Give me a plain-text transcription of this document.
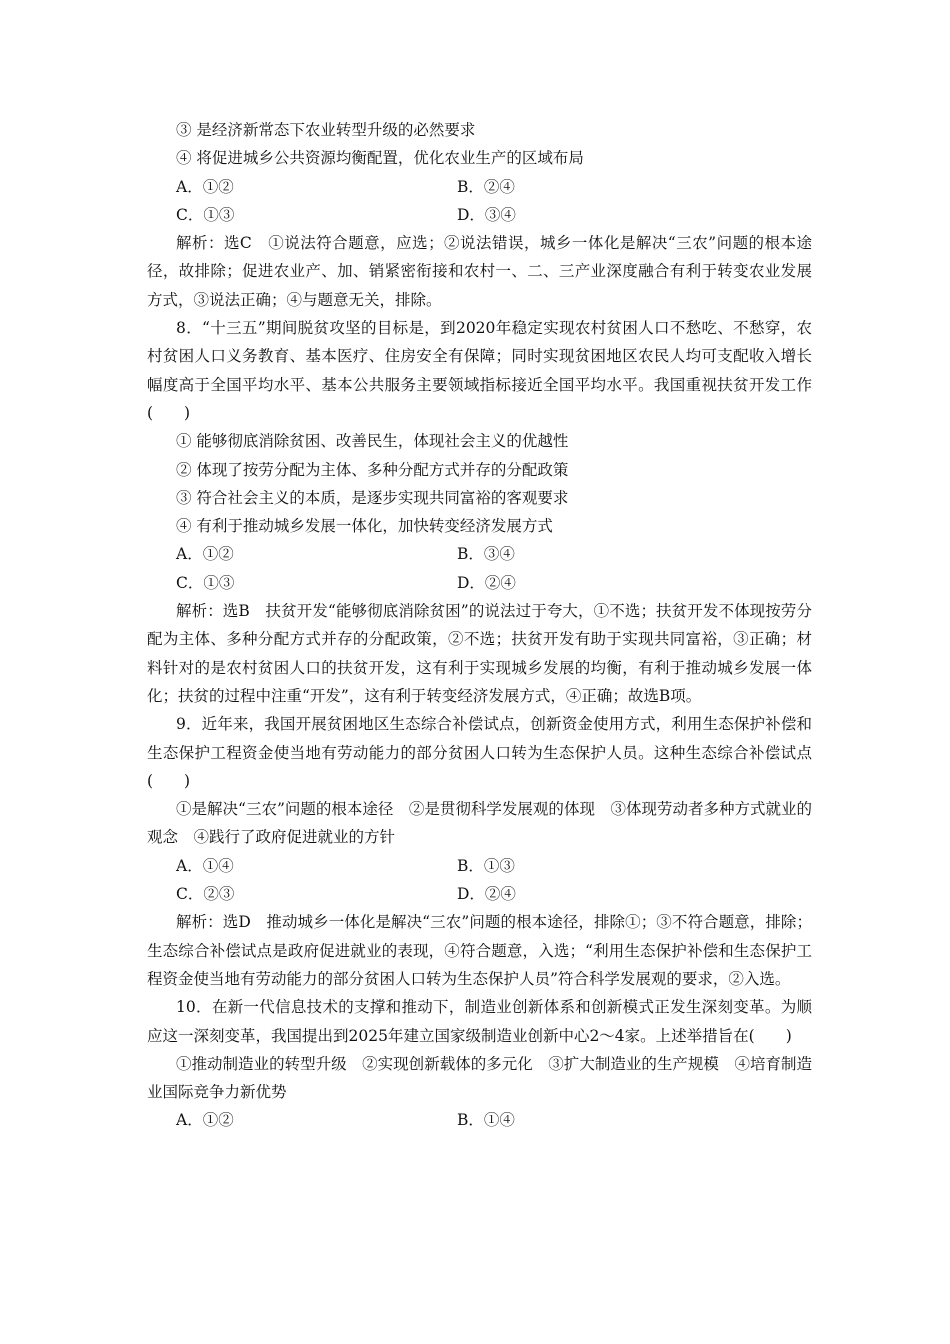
③ 是经济新常态下农业转型升级的必然要求
④ 将促进城乡公共资源均衡配置，优化农业生产的区域布局
A．①②	B．②④
C．①③	D．③④
解析：选C　①说法符合题意，应选；②说法错误，城乡一体化是解决“三农”问题的根本途径，故排除；促进农业产、加、销紧密衔接和农村一、二、三产业深度融合有利于转变农业发展方式，③说法正确；④与题意无关，排除。
8．“十三五”期间脱贫攻坚的目标是，到2020年稳定实现农村贫困人口不愁吃、不愁穿，农村贫困人口义务教育、基本医疗、住房安全有保障；同时实现贫困地区农民人均可支配收入增长幅度高于全国平均水平、基本公共服务主要领域指标接近全国平均水平。我国重视扶贫开发工作(　　)
① 能够彻底消除贫困、改善民生，体现社会主义的优越性
② 体现了按劳分配为主体、多种分配方式并存的分配政策
③ 符合社会主义的本质，是逐步实现共同富裕的客观要求
④ 有利于推动城乡发展一体化，加快转变经济发展方式
A．①②	B．③④
C．①③	D．②④
解析：选B　扶贫开发“能够彻底消除贫困”的说法过于夸大，①不选；扶贫开发不体现按劳分配为主体、多种分配方式并存的分配政策，②不选；扶贫开发有助于实现共同富裕，③正确；材料针对的是农村贫困人口的扶贫开发，这有利于实现城乡发展的均衡，有利于推动城乡发展一体化；扶贫的过程中注重“开发”，这有利于转变经济发展方式，④正确；故选B项。
9．近年来，我国开展贫困地区生态综合补偿试点，创新资金使用方式，利用生态保护补偿和生态保护工程资金使当地有劳动能力的部分贫困人口转为生态保护人员。这种生态综合补偿试点(　　)
①是解决“三农”问题的根本途径　②是贯彻科学发展观的体现　③体现劳动者多种方式就业的观念　④践行了政府促进就业的方针
A．①④	B．①③
C．②③	D．②④
解析：选D　推动城乡一体化是解决“三农”问题的根本途径，排除①；③不符合题意，排除；生态综合补偿试点是政府促进就业的表现，④符合题意，入选；“利用生态保护补偿和生态保护工程资金使当地有劳动能力的部分贫困人口转为生态保护人员”符合科学发展观的要求，②入选。
10．在新一代信息技术的支撑和推动下，制造业创新体系和创新模式正发生深刻变革。为顺应这一深刻变革，我国提出到2025年建立国家级制造业创新中心2～4家。上述举措旨在(　　)
①推动制造业的转型升级　②实现创新载体的多元化　③扩大制造业的生产规模　④培育制造业国际竞争力新优势
A．①②	B．①④
